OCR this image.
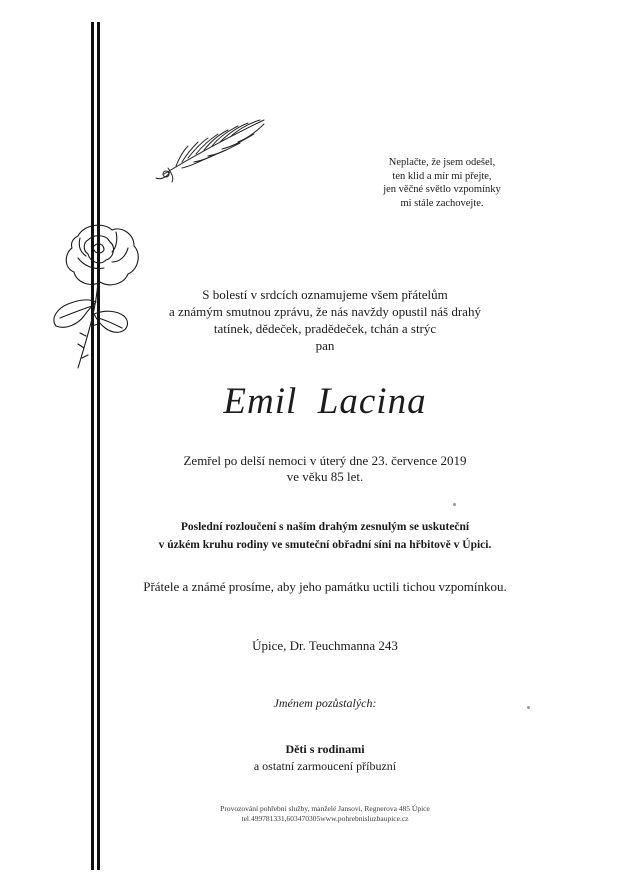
Neplačte, že jsem odešel,
ten klid a mír mi přejte,
jen věčné světlo vzpomínky
mi stále zachovejte.
S bolestí v srdcích oznamujeme všem přátelům
a známým smutnou zprávu, že nás navždy opustil náš drahý
tatínek, dědeček, pradědeček, tchán a strýc
pan
Emil  Lacina
Zemřel po delší nemoci v úterý dne 23. července 2019
ve věku 85 let.
Poslední rozloučení s naším drahým zesnulým se uskuteční
v úzkém kruhu rodiny ve smuteční obřadní síni na hřbitově v Úpici.
Přátele a známé prosíme, aby jeho památku uctili tichou vzpomínkou.
Úpice, Dr. Teuchmanna 243
Jménem pozůstalých:
Děti s rodinami
a ostatní zarmoucení příbuzní
Provozování pohřební služby, manželé Jansovi, Regnerova 485 Úpice
tel.499781331,603470305www.pohrebnisluzbaupice.cz
